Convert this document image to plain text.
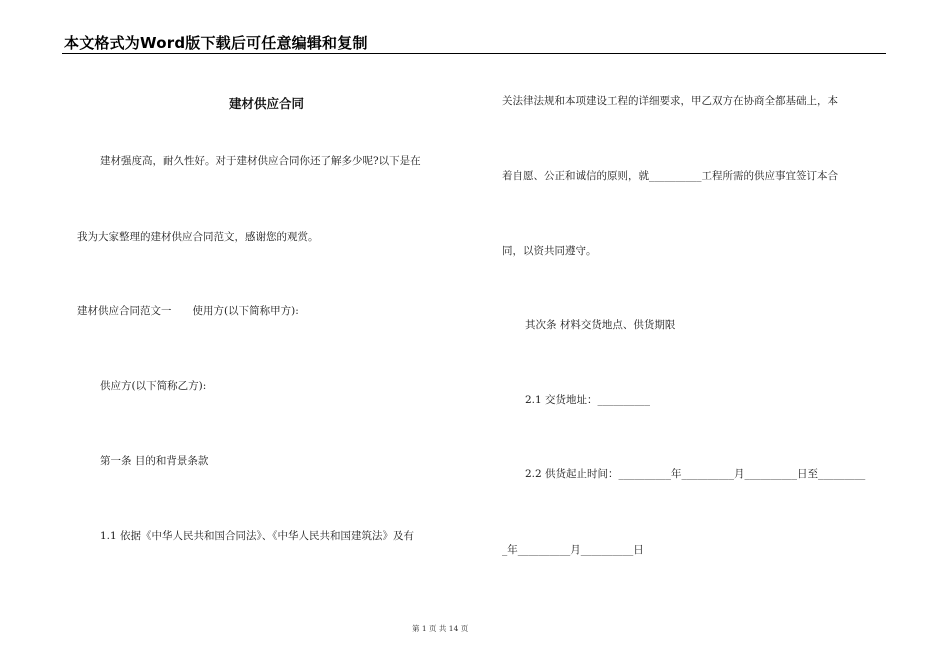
本文格式为Word版下载后可任意编辑和复制
建材供应合同
建材强度高，耐久性好。对于建材供应合同你还了解多少呢?以下是在
我为大家整理的建材供应合同范文，感谢您的观赏。
建材供应合同范文一　　使用方(以下简称甲方):
供应方(以下简称乙方):
第一条 目的和背景条款
1.1 依据《中华人民共和国合同法》、《中华人民共和国建筑法》及有
关法律法规和本项建设工程的详细要求，甲乙双方在协商全都基础上，本
着自愿、公正和诚信的原则，就__________工程所需的供应事宜签订本合
同，以资共同遵守。
其次条 材料交货地点、供货期限
2.1 交货地址：__________
2.2 供货起止时间：__________年__________月__________日至_________
_年__________月__________日
第 1 页 共 14 页
